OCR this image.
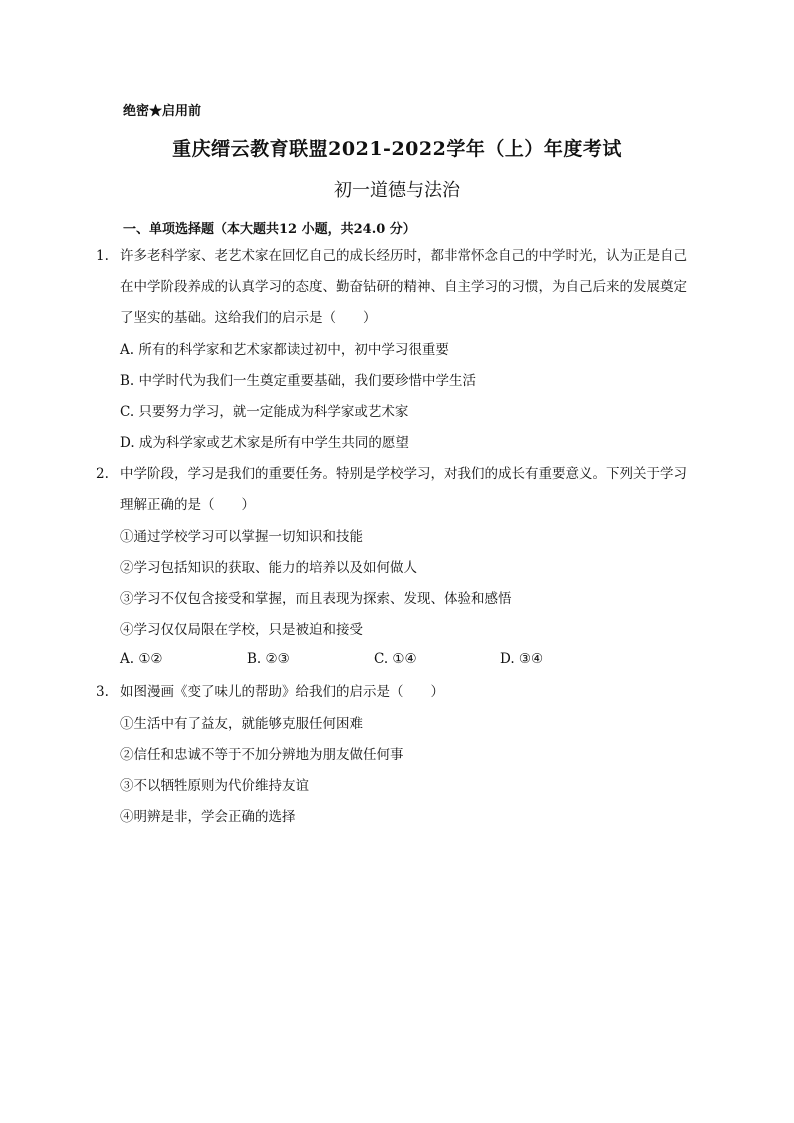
绝密★启用前
重庆缙云教育联盟2021-2022学年（上）年度考试
初一道德与法治
一、单项选择题（本大题共12 小题，共24.0 分）
1. 许多老科学家、老艺术家在回忆自己的成长经历时，都非常怀念自己的中学时光，认为正是自己在中学阶段养成的认真学习的态度、勤奋钻研的精神、自主学习的习惯，为自己后来的发展奠定了坚实的基础。这给我们的启示是（　　）
A. 所有的科学家和艺术家都读过初中，初中学习很重要
B. 中学时代为我们一生奠定重要基础，我们要珍惜中学生活
C. 只要努力学习，就一定能成为科学家或艺术家
D. 成为科学家或艺术家是所有中学生共同的愿望
2. 中学阶段，学习是我们的重要任务。特别是学校学习，对我们的成长有重要意义。下列关于学习理解正确的是（　　）
①通过学校学习可以掌握一切知识和技能
②学习包括知识的获取、能力的培养以及如何做人
③学习不仅包含接受和掌握，而且表现为探索、发现、体验和感悟
④学习仅仅局限在学校，只是被迫和接受
A. ①②	B. ②③	C. ①④	D. ③④
3. 如图漫画《变了味儿的帮助》给我们的启示是（　　）
①生活中有了益友，就能够克服任何困难
②信任和忠诚不等于不加分辨地为朋友做任何事
③不以牺牲原则为代价维持友谊
④明辨是非，学会正确的选择
